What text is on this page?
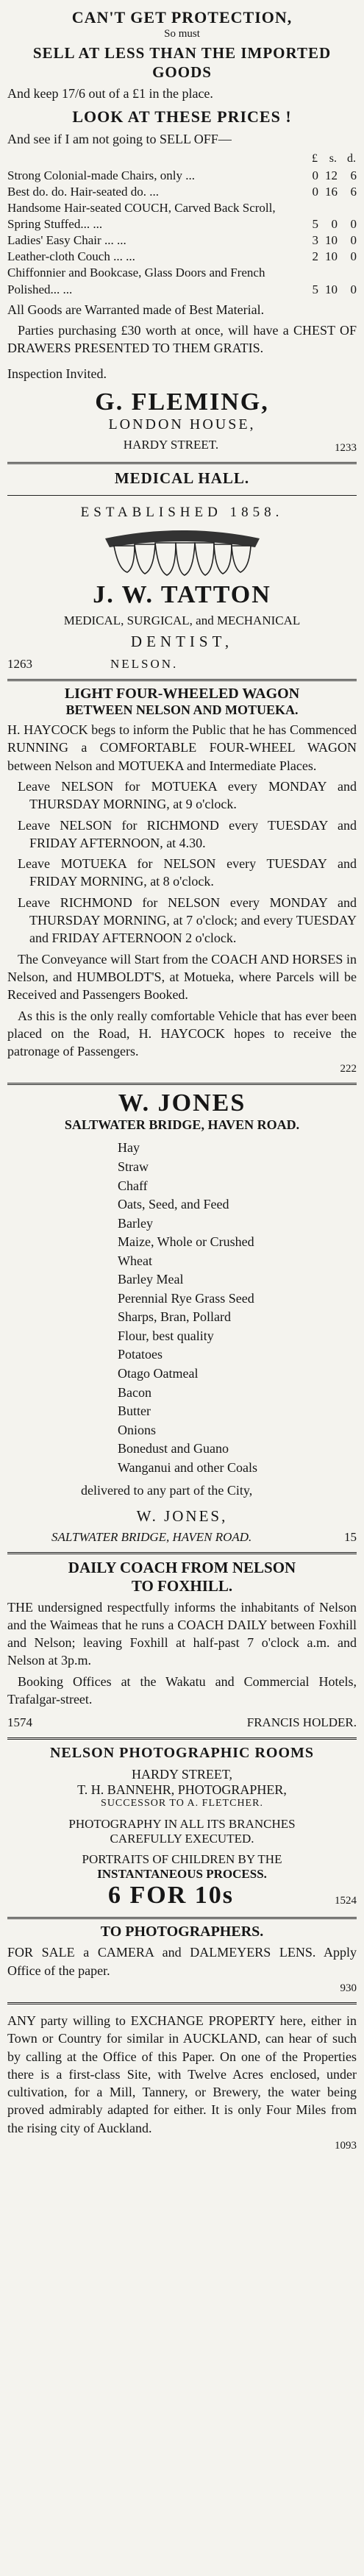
CAN'T GET PROTECTION,
So must
SELL AT LESS THAN THE IMPORTED GOODS
And keep 17/6 out of a £1 in the place.
LOOK AT THESE PRICES !
And see if I am not going to SELL OFF—
	£	s.	d.
Strong Colonial-made Chairs, only ...	0	12	6
Best do. do. Hair-seated do. ...	0	16	6
Handsome Hair-seated COUCH, Carved Back Scroll, Spring Stuffed... ...	5	0	0
Ladies' Easy Chair ... ...	3	10	0
Leather-cloth Couch ... ...	2	10	0
Chiffonnier and Bookcase, Glass Doors and French Polished... ...	5	10	0
All Goods are Warranted made of Best Material.
Parties purchasing £30 worth at once, will have a CHEST OF DRAWERS PRESENTED TO THEM GRATIS.
Inspection Invited.
G. FLEMING,
LONDON HOUSE,
1233
HARDY STREET.
MEDICAL HALL.
ESTABLISHED 1858.
J. W. TATTON
MEDICAL, SURGICAL, and MECHANICAL
DENTIST,
1263	NELSON.
LIGHT FOUR-WHEELED WAGON
BETWEEN NELSON AND MOTUEKA.
H. HAYCOCK begs to inform the Public that he has Commenced RUNNING a COMFORTABLE FOUR-WHEEL WAGON between Nelson and MOTUEKA and Intermediate Places.
Leave NELSON for MOTUEKA every MONDAY and THURSDAY MORNING, at 9 o'clock.
Leave NELSON for RICHMOND every TUESDAY and FRIDAY AFTERNOON, at 4.30.
Leave MOTUEKA for NELSON every TUESDAY and FRIDAY MORNING, at 8 o'clock.
Leave RICHMOND for NELSON every MONDAY and THURSDAY MORNING, at 7 o'clock; and every TUESDAY and FRIDAY AFTERNOON 2 o'clock.
The Conveyance will Start from the COACH AND HORSES in Nelson, and HUMBOLDT'S, at Motueka, where Parcels will be Received and Passengers Booked.
As this is the only really comfortable Vehicle that has ever been placed on the Road, H. HAYCOCK hopes to receive the patronage of Passengers.
222
W. JONES
SALTWATER BRIDGE, HAVEN ROAD.
Hay
Straw
Chaff
Oats, Seed, and Feed
Barley
Maize, Whole or Crushed
Wheat
Barley Meal
Perennial Rye Grass Seed
Sharps, Bran, Pollard
Flour, best quality
Potatoes
Otago Oatmeal
Bacon
Butter
Onions
Bonedust and Guano
Wanganui and other Coals
delivered to any part of the City,
W. JONES,
SALTWATER BRIDGE, HAVEN ROAD.	15
DAILY COACH FROM NELSON
TO FOXHILL.
THE undersigned respectfully informs the inhabitants of Nelson and the Waimeas that he runs a COACH DAILY between Foxhill and Nelson; leaving Foxhill at half-past 7 o'clock a.m. and Nelson at 3p.m.
Booking Offices at the Wakatu and Commercial Hotels, Trafalgar-street.
1574	FRANCIS HOLDER.
NELSON PHOTOGRAPHIC ROOMS
HARDY STREET,
T. H. BANNEHR, PHOTOGRAPHER,
SUCCESSOR TO A. FLETCHER.
PHOTOGRAPHY IN ALL ITS BRANCHES
CAREFULLY EXECUTED.
PORTRAITS OF CHILDREN BY THE
INSTANTANEOUS PROCESS.
1524
6 FOR 10s
TO PHOTOGRAPHERS.
FOR SALE a CAMERA and DALMEYERS LENS. Apply Office of the paper.
930
ANY party willing to EXCHANGE PROPERTY here, either in Town or Country for similar in AUCKLAND, can hear of such by calling at the Office of this Paper. On one of the Properties there is a first-class Site, with Twelve Acres enclosed, under cultivation, for a Mill, Tannery, or Brewery, the water being proved admirably adapted for either. It is only Four Miles from the rising city of Auckland.
1093
